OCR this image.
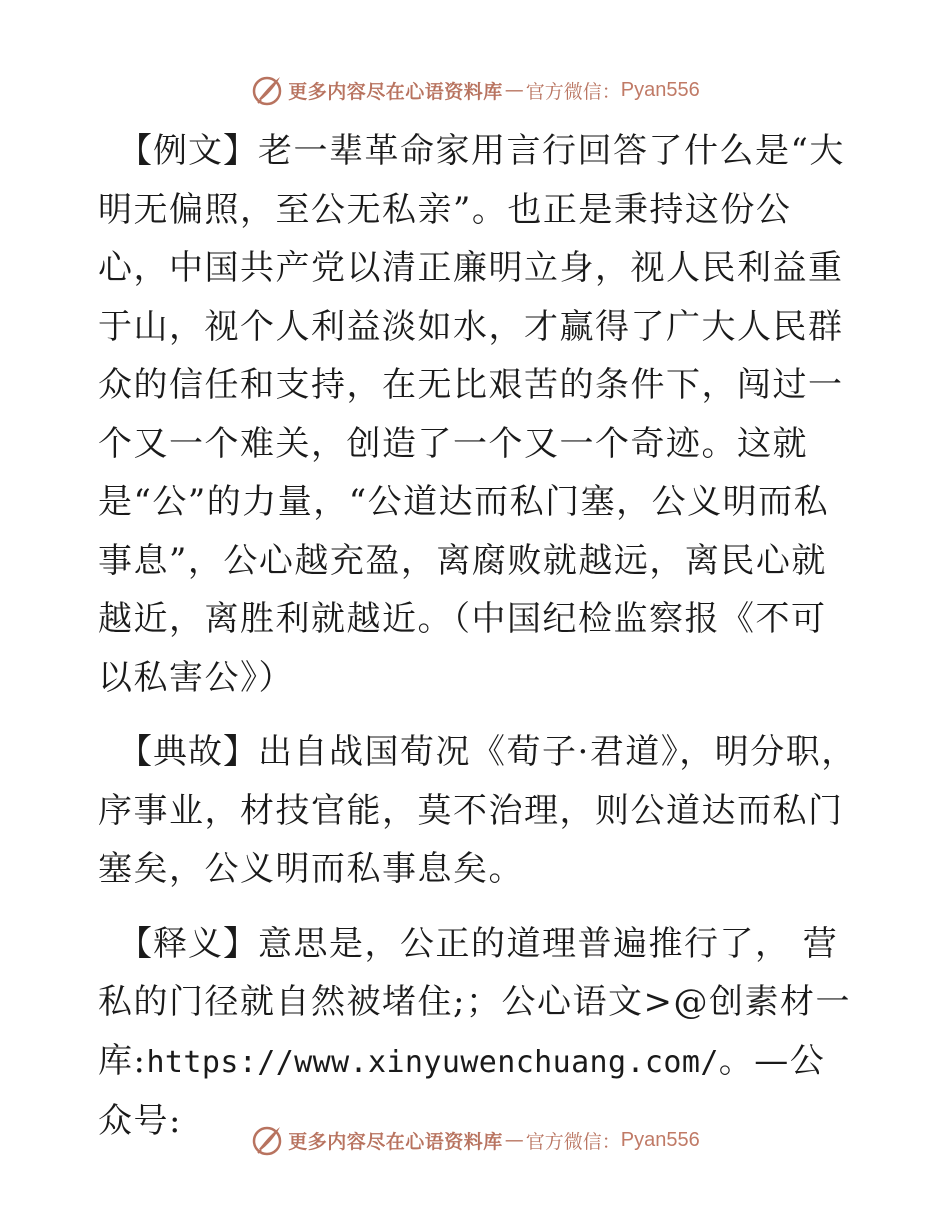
更多内容尽在心语资料库 — 官方微信： Pyan556

【例文】老一辈革命家用言行回答了什么是“大明无偏照，至公无私亲”。也正是秉持这份公心，中国共产党以清正廉明立身，视人民利益重于山，视个人利益淡如水，才赢得了广大人民群众的信任和支持，在无比艰苦的条件下，闯过一个又一个难关，创造了一个又一个奇迹。这就是“公”的力量，“公道达而私门塞，公义明而私事息”，公心越充盈，离腐败就越远，离民心就越近，离胜利就越近。（中国纪检监察报《不可以私害公》）

【典故】出自战国荀况《荀子·君道》，明分职，序事业，材技官能，莫不治理，则公道达而私门塞矣，公义明而私事息矣。

【释义】意思是，公正的道理普遍推行了， 营私的门径就自然被堵住;；公心语文>@创素材一库:https://www.xinyuwenchuang.com/。—公众号:

更多内容尽在心语资料库 — 官方微信： Pyan556
